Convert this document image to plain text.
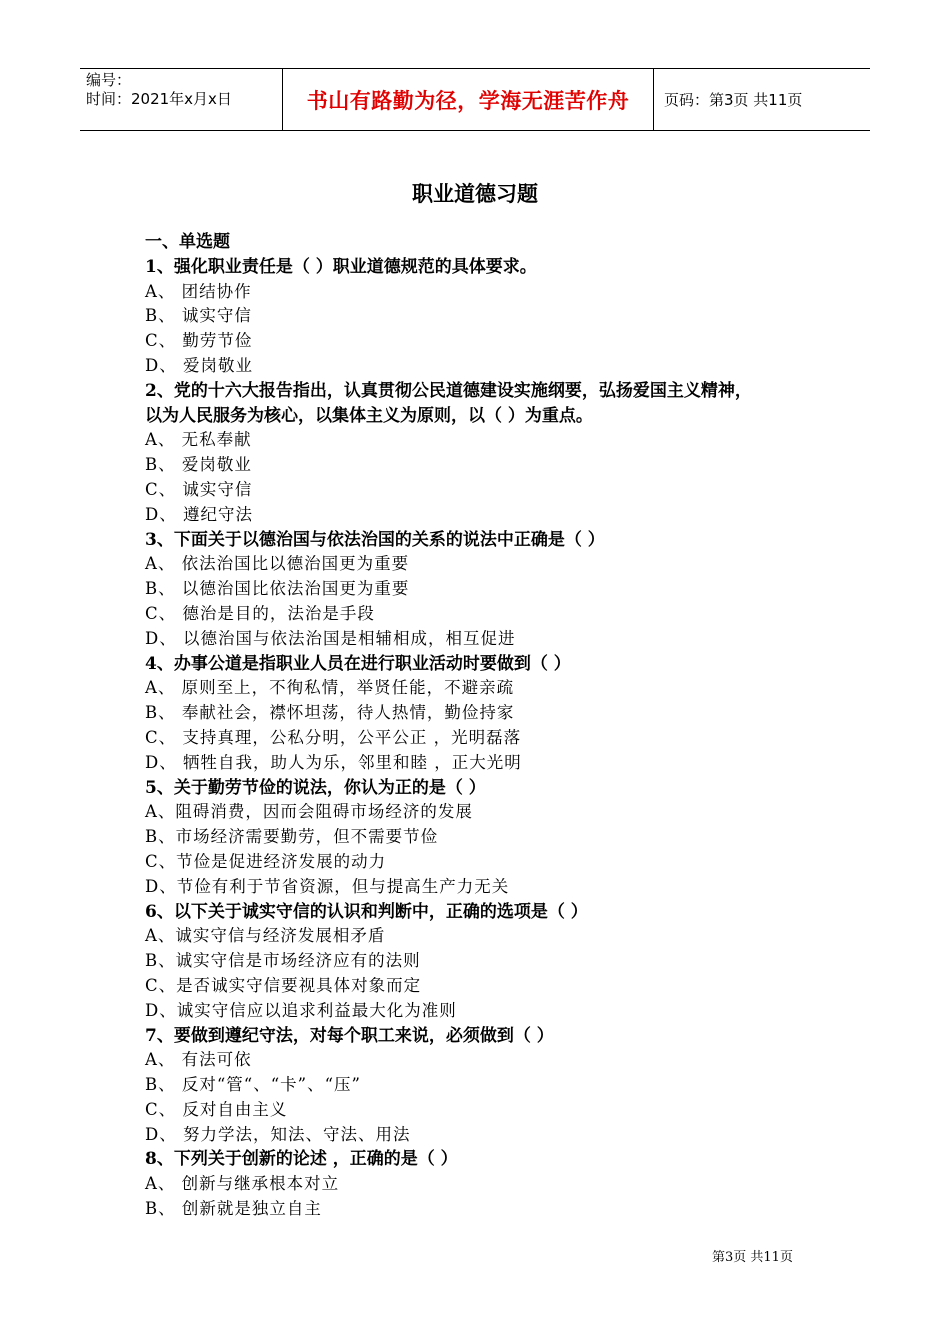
编号：
时间：2021年x月x日	书山有路勤为径，学海无涯苦作舟	页码：第3页 共11页
职业道德习题
一、单选题
1、强化职业责任是（ ）职业道德规范的具体要求。
A、 团结协作
B、 诚实守信
C、 勤劳节俭
D、 爱岗敬业
2、党的十六大报告指出，认真贯彻公民道德建设实施纲要，弘扬爱国主义精神，
以为人民服务为核心，以集体主义为原则，以（ ）为重点。
A、 无私奉献
B、 爱岗敬业
C、 诚实守信
D、 遵纪守法
3、下面关于以德治国与依法治国的关系的说法中正确是（ ）
A、 依法治国比以德治国更为重要
B、 以德治国比依法治国更为重要
C、 德治是目的，法治是手段
D、 以德治国与依法治国是相辅相成，相互促进
4、办事公道是指职业人员在进行职业活动时要做到（ ）
A、 原则至上，不徇私情，举贤任能，不避亲疏
B、 奉献社会，襟怀坦荡，待人热情，勤俭持家
C、 支持真理，公私分明，公平公正 ，光明磊落
D、 牺牲自我，助人为乐，邻里和睦 ，正大光明
5、关于勤劳节俭的说法，你认为正的是（ ）
A、阻碍消费，因而会阻碍市场经济的发展
B、市场经济需要勤劳，但不需要节俭
C、节俭是促进经济发展的动力
D、节俭有利于节省资源，但与提高生产力无关
6、以下关于诚实守信的认识和判断中，正确的选项是（ ）
A、诚实守信与经济发展相矛盾
B、诚实守信是市场经济应有的法则
C、是否诚实守信要视具体对象而定
D、诚实守信应以追求利益最大化为准则
7、要做到遵纪守法，对每个职工来说，必须做到（ ）
A、 有法可依
B、 反对“管“、“卡”、“压”
C、 反对自由主义
D、 努力学法，知法、守法、用法
8、下列关于创新的论述 ，正确的是（ ）
A、 创新与继承根本对立
B、 创新就是独立自主
第3页 共11页
